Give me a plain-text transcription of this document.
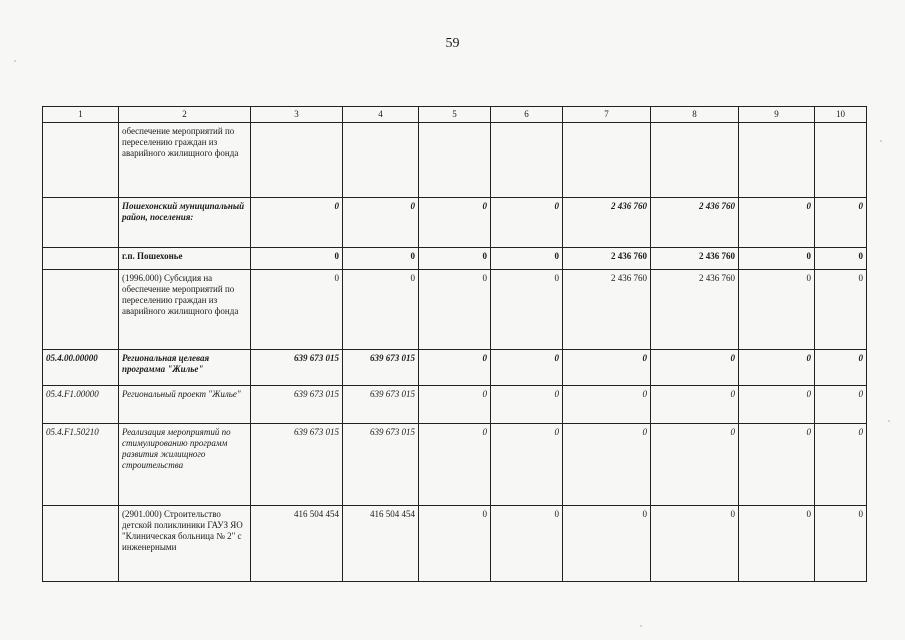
59
1	2	3	4	5	6	7	8	9	10
	обеспечение мероприятий по переселению граждан из аварийного жилищного фонда								
	Пошехонский муниципальный район, поселения:	0	0	0	0	2 436 760	2 436 760	0	0
	г.п. Пошехонье	0	0	0	0	2 436 760	2 436 760	0	0
	(1996.000) Субсидия на обеспечение мероприятий по переселению граждан из аварийного жилищного фонда	0	0	0	0	2 436 760	2 436 760	0	0
05.4.00.00000	Региональная целевая программа "Жилье"	639 673 015	639 673 015	0	0	0	0	0	0
05.4.F1.00000	Региональный проект "Жилье"	639 673 015	639 673 015	0	0	0	0	0	0
05.4.F1.50210	Реализация мероприятий по стимулированию программ развития жилищного строительства	639 673 015	639 673 015	0	0	0	0	0	0
	(2901.000) Строительство детской поликлиники ГАУЗ ЯО "Клиническая больница № 2" с инженерными	416 504 454	416 504 454	0	0	0	0	0	0
